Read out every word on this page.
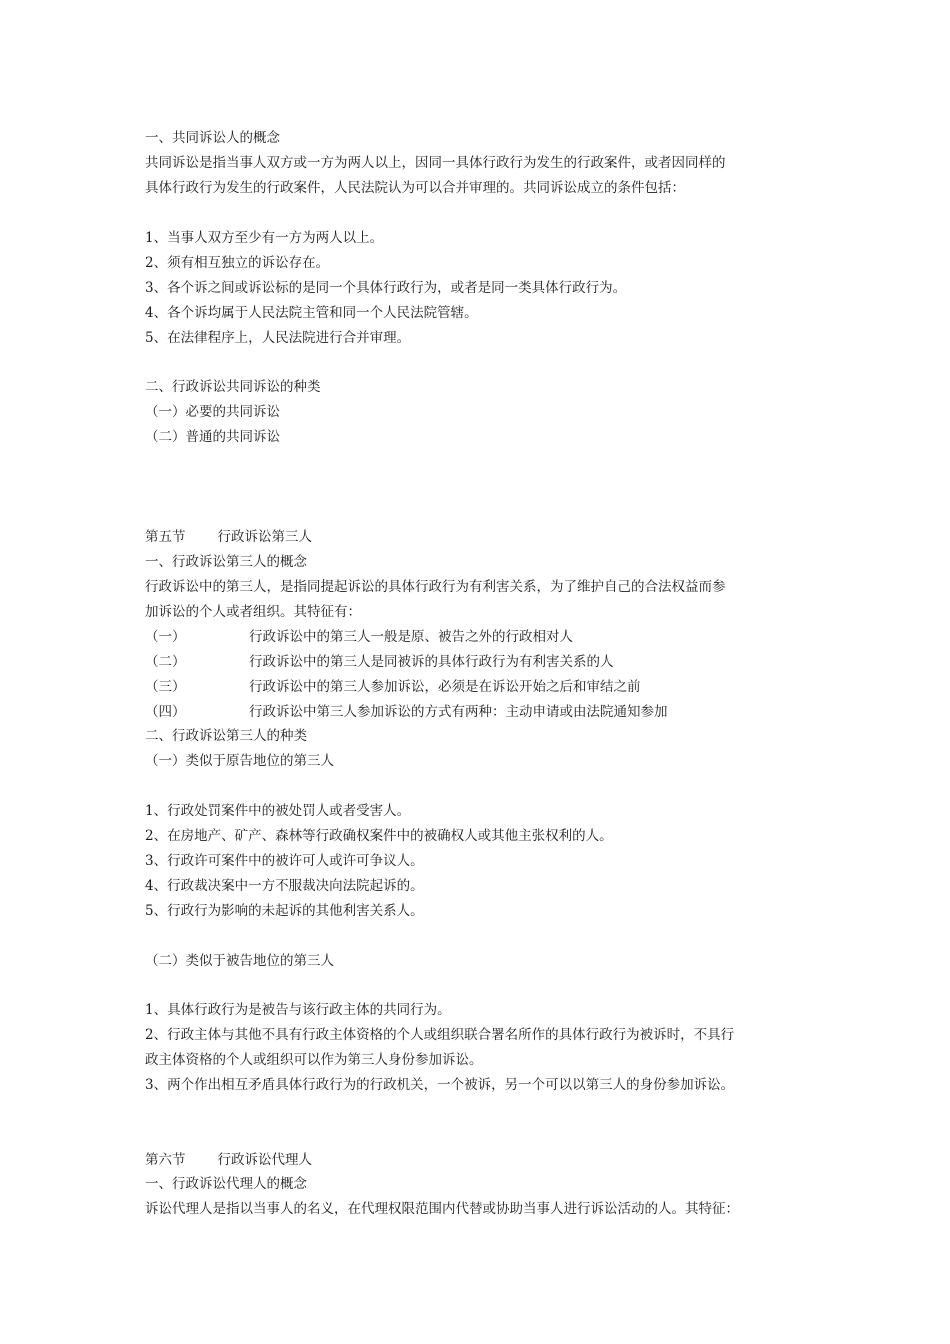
一、共同诉讼人的概念
共同诉讼是指当事人双方或一方为两人以上，因同一具体行政行为发生的行政案件，或者因同样的
具体行政行为发生的行政案件，人民法院认为可以合并审理的。共同诉讼成立的条件包括：
1、当事人双方至少有一方为两人以上。
2、须有相互独立的诉讼存在。
3、各个诉之间或诉讼标的是同一个具体行政行为，或者是同一类具体行政行为。
4、各个诉均属于人民法院主管和同一个人民法院管辖。
5、在法律程序上，人民法院进行合并审理。
二、行政诉讼共同诉讼的种类
（一）必要的共同诉讼
（二）普通的共同诉讼
第五节 行政诉讼第三人
一、行政诉讼第三人的概念
行政诉讼中的第三人，是指同提起诉讼的具体行政行为有利害关系，为了维护自己的合法权益而参
加诉讼的个人或者组织。其特征有：
（一）	行政诉讼中的第三人一般是原、被告之外的行政相对人
（二）	行政诉讼中的第三人是同被诉的具体行政行为有利害关系的人
（三）	行政诉讼中的第三人参加诉讼，必须是在诉讼开始之后和审结之前
（四）	行政诉讼中第三人参加诉讼的方式有两种：主动申请或由法院通知参加
二、行政诉讼第三人的种类
（一）类似于原告地位的第三人
1、行政处罚案件中的被处罚人或者受害人。
2、在房地产、矿产、森林等行政确权案件中的被确权人或其他主张权利的人。
3、行政许可案件中的被许可人或许可争议人。
4、行政裁决案中一方不服裁决向法院起诉的。
5、行政行为影响的未起诉的其他利害关系人。
（二）类似于被告地位的第三人
1、具体行政行为是被告与该行政主体的共同行为。
2、行政主体与其他不具有行政主体资格的个人或组织联合署名所作的具体行政行为被诉时，不具行
政主体资格的个人或组织可以作为第三人身份参加诉讼。
3、两个作出相互矛盾具体行政行为的行政机关，一个被诉，另一个可以以第三人的身份参加诉讼。
第六节 行政诉讼代理人
一、行政诉讼代理人的概念
诉讼代理人是指以当事人的名义，在代理权限范围内代替或协助当事人进行诉讼活动的人。其特征：
